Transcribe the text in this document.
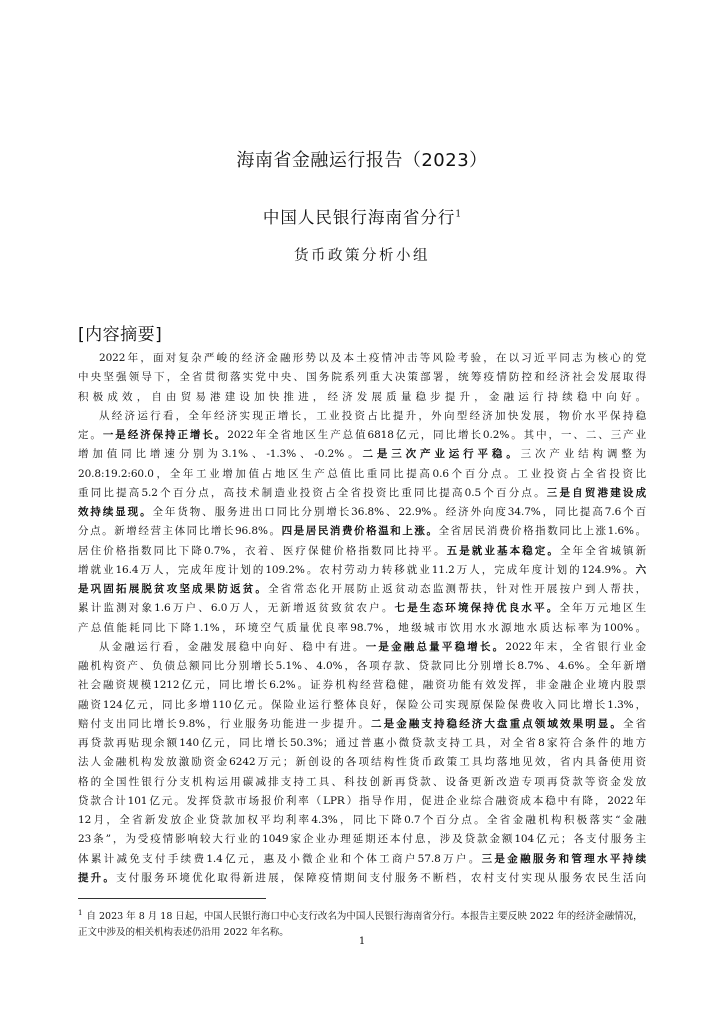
海南省金融运行报告（2023）
中国人民银行海南省分行$^1$
货币政策分析小组
[内容摘要]

2022年，面对复杂严峻的经济金融形势以及本土疫情冲击等风险考验，在以习近平同志为核心的党

中央坚强领导下，全省贯彻落实党中央、国务院系列重大决策部署，统筹疫情防控和经济社会发展取得

积极成效，自由贸易港建设加快推进，经济发展质量稳步提升，金融运行持续稳中向好。

从经济运行看，全年经济实现正增长，工业投资占比提升，外向型经济加快发展，物价水平保持稳

定。一是经济保持正增长。2022年全省地区生产总值6818亿元，同比增长0.2%。其中，一、二、三产业

增加值同比增速分别为3.1%、-1.3%、-0.2%。二是三次产业运行平稳。三次产业结构调整为

20.8:19.2:60.0，全年工业增加值占地区生产总值比重同比提高0.6个百分点。工业投资占全省投资比

重同比提高5.2个百分点，高技术制造业投资占全省投资比重同比提高0.5个百分点。三是自贸港建设成

效持续显现。全年货物、服务进出口同比分别增长36.8%、22.9%。经济外向度34.7%，同比提高7.6个百

分点。新增经营主体同比增长96.8%。四是居民消费价格温和上涨。全省居民消费价格指数同比上涨1.6%。

居住价格指数同比下降0.7%，衣着、医疗保健价格指数同比持平。五是就业基本稳定。全年全省城镇新

增就业16.4万人，完成年度计划的109.2%。农村劳动力转移就业11.2万人，完成年度计划的124.9%。六

是巩固拓展脱贫攻坚成果防返贫。全省常态化开展防止返贫动态监测帮扶，针对性开展按户到人帮扶，

累计监测对象1.6万户、6.0万人，无新增返贫致贫农户。七是生态环境保持优良水平。全年万元地区生

产总值能耗同比下降1.1%，环境空气质量优良率98.7%，地级城市饮用水水源地水质达标率为100%。

从金融运行看，金融发展稳中向好、稳中有进。一是金融总量平稳增长。2022年末，全省银行业金

融机构资产、负债总额同比分别增长5.1%、4.0%，各项存款、贷款同比分别增长8.7%、4.6%。全年新增

社会融资规模1212亿元，同比增长6.2%。证券机构经营稳健，融资功能有效发挥，非金融企业境内股票

融资124亿元，同比多增110亿元。保险业运行整体良好，保险公司实现原保险保费收入同比增长1.3%，

赔付支出同比增长9.8%，行业服务功能进一步提升。二是金融支持稳经济大盘重点领域效果明显。全省

再贷款再贴现余额140亿元，同比增长50.3%；通过普惠小微贷款支持工具，对全省8家符合条件的地方

法人金融机构发放激励资金6242万元；新创设的各项结构性货币政策工具均落地见效，省内具备使用资

格的全国性银行分支机构运用碳减排支持工具、科技创新再贷款、设备更新改造专项再贷款等资金发放

贷款合计101亿元。发挥贷款市场报价利率（LPR）指导作用，促进企业综合融资成本稳中有降，2022年

12月，全省新发放企业贷款加权平均利率4.3%，同比下降0.7个百分点。全省金融机构积极落实“金融

23条”，为受疫情影响较大行业的1049家企业办理延期还本付息，涉及贷款金额104亿元；各支付服务主

体累计减免支付手续费1.4亿元，惠及小微企业和个体工商户57.8万户。三是金融服务和管理水平持续

提升。支付服务环境优化取得新进展，保障疫情期间支付服务不断档，农村支付实现从服务农民生活向

$^1$ 自 2023 年 8 月 18 日起，中国人民银行海口中心支行改名为中国人民银行海南省分行。本报告主要反映 2022 年的经济金融情况，正文中涉及的相关机构表述仍沿用 2022 年名称。
1
